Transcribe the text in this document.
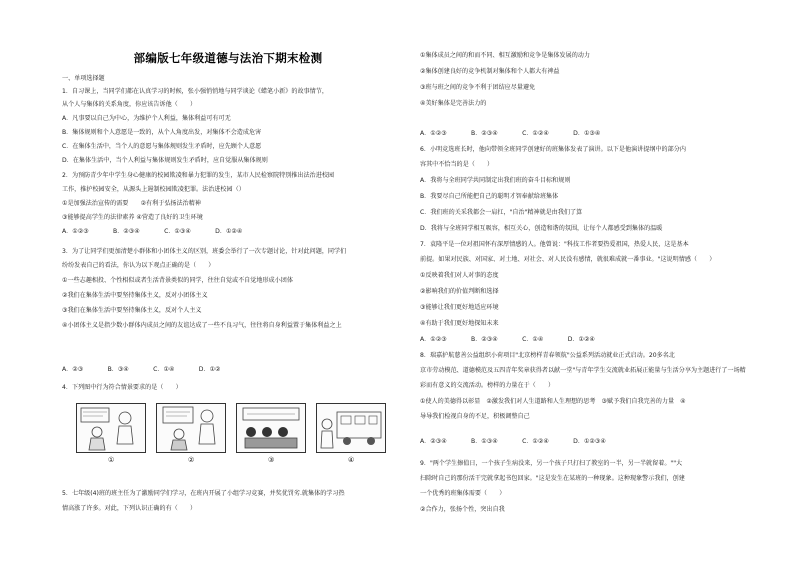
部编版七年级道德与法治下期末检测
一、单项选择题
1．自习课上，当同学们都在认真学习的时候，张小强悄悄地与同学谈论《蜡笔小新》的故事情节，
从个人与集体的关系角度，你应该告诉他（　　）
A．凡事要以自己为中心，为维护个人利益，集体利益可有可无
B．集体规则和个人意愿是一致的，从个人角度出发，对集体不会造成危害
C．在集体生活中，当个人的意愿与集体规则发生矛盾时，应先顾个人意愿
D．在集体生活中，当个人利益与集体规则发生矛盾时，应自觉服从集体规则
2．为预防青少年中学生身心健康的校园欺凌和暴力犯罪的发生，某市人民检察院特别推出法治进校园
工作，推护校园安全，从源头上遏制校园欺凌犯罪。法治进校园（）
①是加强法治宣传的需要　　②有利于弘扬法治精神
③能够提高学生的法律素养 ④营造了良好的卫生环境
A．①②③　　　　B．②③④　　　　C．①③④　　　　D．①②④
3．为了让同学们更加清楚小群体和小团体主义的区别，班委会举行了一次专题讨论，针对此问题，同学们
纷纷发表自己的看法，你认为以下观点正确的是（　　）
①一些志趣相投、个性相似或者生活背景类似的同学，往往自觉或不自觉地形成小团体
②我们在集体生活中要坚持集体主义，反对小团体主义
③我们在集体生活中要坚持集体主义，反对个人主义
④小团体主义是指少数小群体内成员之间的友谊达成了一些不良习气，往往将自身利益置于集体利益之上
A．②③　　　　B．③④　　　　C．①④　　　　D．①②
4．下列图中行为符合情景要求的是（　　）
①	②	③	④
5．七年级(4)班的班主任为了激励同学们学习，在班内开展了小组学习竞赛，并奖优罚劣.就集体的学习热
情高涨了许多。对此，下列认识正确的有（　　）
①集体成员之间的和而不同、相互激励和竞争是集体发展的动力
②集体创建良好的竞争机制对集体和个人都大有裨益
③班与班之间的竞争不利于团结应尽量避免
④美好集体是完善法力的
A．①②③　　　　B．②③④　　　　C．①②④　　　　D．①③④
6．小明竞选班长时，他向带领全班同学创建好的班集体发表了演讲。以下是他演讲提纲中的部分内
容其中不恰当的是（　　）
A．我将与全班同学共同制定出我们班的奋斗目标和规则
B．我要尽自己所能把自己的聪明才智奉献给班集体
C．我们班的关采我都会一肩扛，"自治"精神就是由我们了算
D．我将与全班同学相互吸容，相互关心，创造和谐的氛围，让每个人都感受到集体的温暖
7．袁隆平是一位对祖国怀有深厚情感的人。他曾说："科技工作者要热爱祖国，热爱人民，这是基本
前提。如果对民族、对国家、对土地、对社会、对人民没有感情，就很难成就一番事业。"这说明情感（　　）
①反映着我们对人对事的态度
②影响我们的价值判断和选择
③能够让我们更好地适应环境
④有助于我们更好地探知未来
A．①②③　　　　B．②③④　　　　C．①④　　　　D．①②④
8．瑞嘉护航慈善公益组织小荷项目"北京榜样青春领航"公益系列活动就业正式启动。20多名北
京市劳动模范、道德模范及五四青年奖章获得者以献一堂"与青年学生交流就业拓展正能量与生活分享为主题进行了一场精
彩而有意义的交流活动。榜样的力量在于（　　）
①使人的美德得以彰显　②激发我们对人生道路和人生理想的思考　③赋予我们自我完善的力量　④
导导我们检视自身的不足，积极调整自己
A．②③④　　　　B．①③④　　　　C．①②④　　　　D．①②③④
9．"两个学生擦值日，一个孩子生病没来，另一个孩子只打扫了教室的一半，另一半就留着。""大
扫除时自己的那份活干完就拿起书包回家。"这是发生在某班的一种现象。这种现象警示我们，创建
一个优秀的班集体需要（　　）
②合作力，张扬个性，突出自我
